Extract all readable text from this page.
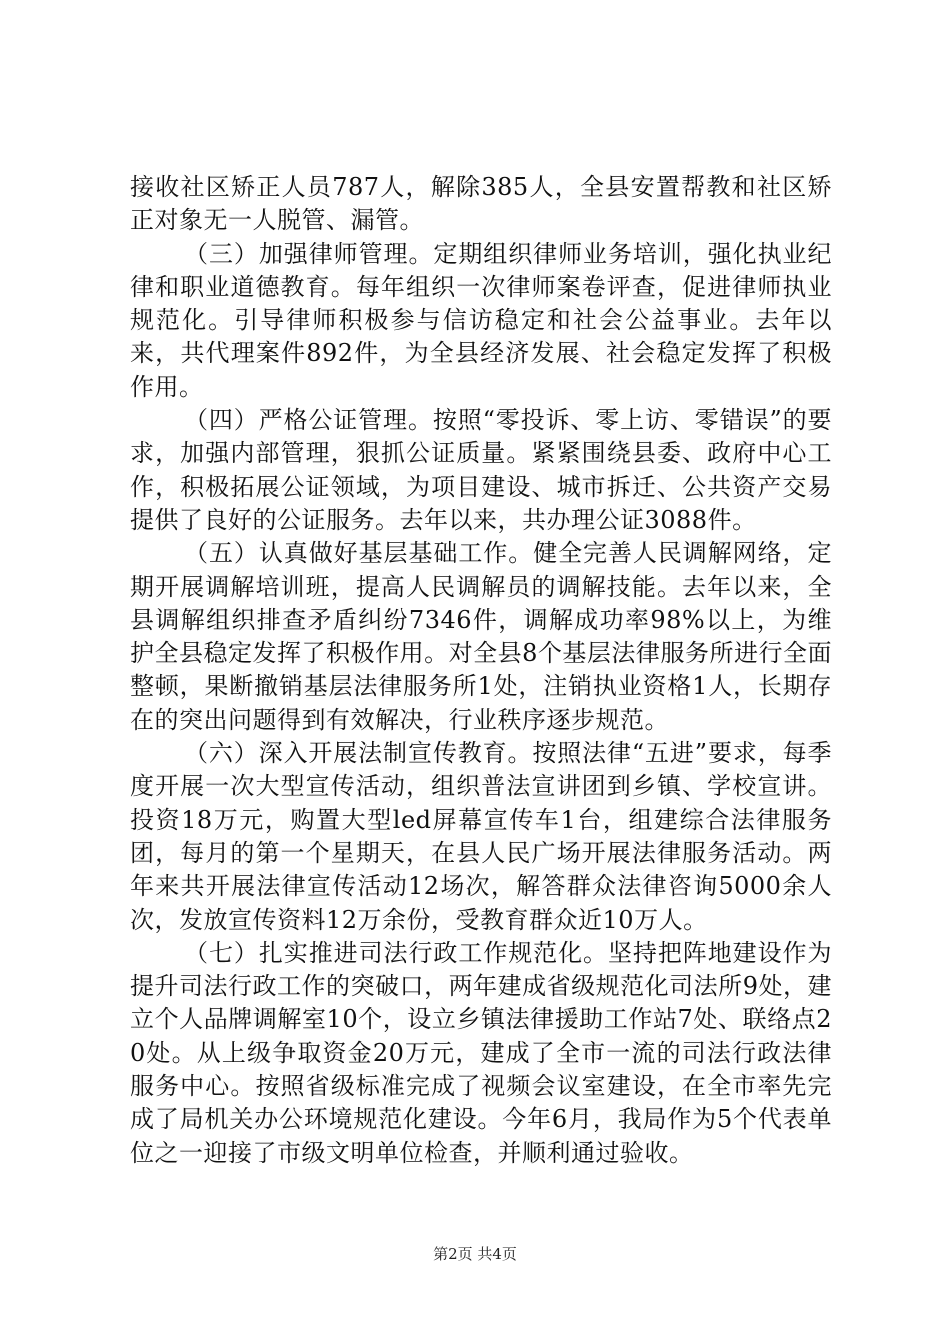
接收社区矫正人员787人，解除385人，全县安置帮教和社区矫正对象无一人脱管、漏管。

（三）加强律师管理。定期组织律师业务培训，强化执业纪律和职业道德教育。每年组织一次律师案卷评查，促进律师执业规范化。引导律师积极参与信访稳定和社会公益事业。去年以来，共代理案件892件，为全县经济发展、社会稳定发挥了积极作用。

（四）严格公证管理。按照“零投诉、零上访、零错误”的要求，加强内部管理，狠抓公证质量。紧紧围绕县委、政府中心工作，积极拓展公证领域，为项目建设、城市拆迁、公共资产交易提供了良好的公证服务。去年以来，共办理公证3088件。

（五）认真做好基层基础工作。健全完善人民调解网络，定期开展调解培训班，提高人民调解员的调解技能。去年以来，全县调解组织排查矛盾纠纷7346件，调解成功率98%以上，为维护全县稳定发挥了积极作用。对全县8个基层法律服务所进行全面整顿，果断撤销基层法律服务所1处，注销执业资格1人，长期存在的突出问题得到有效解决，行业秩序逐步规范。

（六）深入开展法制宣传教育。按照法律“五进”要求，每季度开展一次大型宣传活动，组织普法宣讲团到乡镇、学校宣讲。投资18万元，购置大型led屏幕宣传车1台，组建综合法律服务团，每月的第一个星期天，在县人民广场开展法律服务活动。两年来共开展法律宣传活动12场次，解答群众法律咨询5000余人次，发放宣传资料12万余份，受教育群众近10万人。

（七）扎实推进司法行政工作规范化。坚持把阵地建设作为提升司法行政工作的突破口，两年建成省级规范化司法所9处，建立个人品牌调解室10个，设立乡镇法律援助工作站7处、联络点20处。从上级争取资金20万元，建成了全市一流的司法行政法律服务中心。按照省级标准完成了视频会议室建设，在全市率先完成了局机关办公环境规范化建设。今年6月，我局作为5个代表单位之一迎接了市级文明单位检查，并顺利通过验收。

第2页 共4页
